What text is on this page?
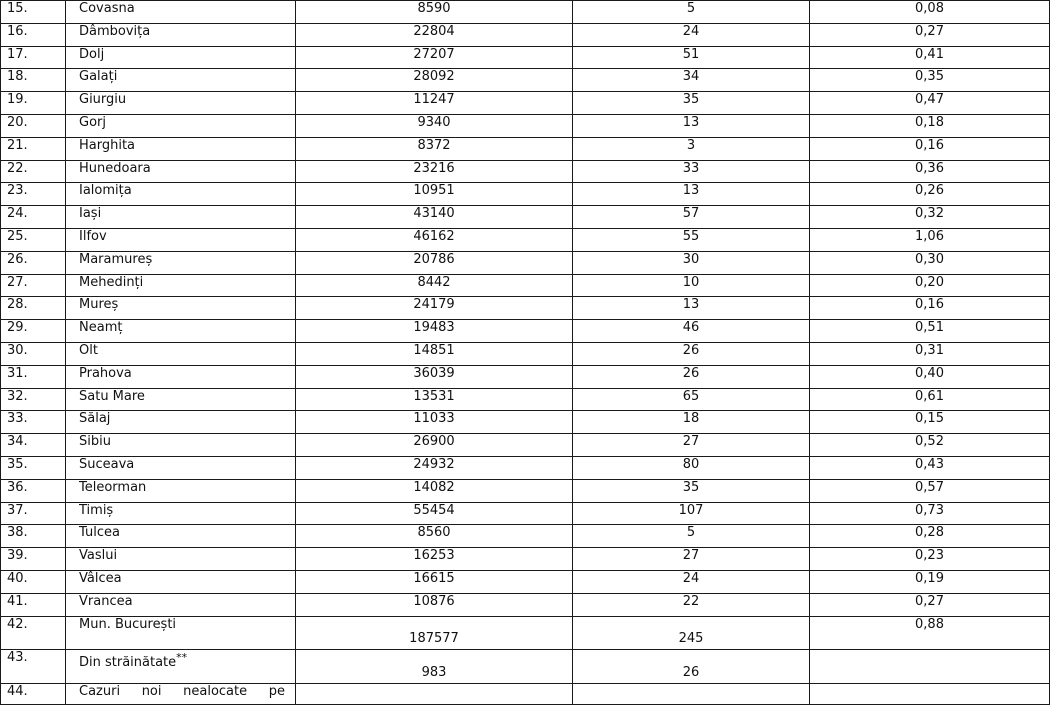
15.	Covasna	8590	5	0,08
16.	Dâmbovița	22804	24	0,27
17.	Dolj	27207	51	0,41
18.	Galați	28092	34	0,35
19.	Giurgiu	11247	35	0,47
20.	Gorj	9340	13	0,18
21.	Harghita	8372	3	0,16
22.	Hunedoara	23216	33	0,36
23.	Ialomița	10951	13	0,26
24.	Iași	43140	57	0,32
25.	Ilfov	46162	55	1,06
26.	Maramureș	20786	30	0,30
27.	Mehedinți	8442	10	0,20
28.	Mureș	24179	13	0,16
29.	Neamț	19483	46	0,51
30.	Olt	14851	26	0,31
31.	Prahova	36039	26	0,40
32.	Satu Mare	13531	65	0,61
33.	Sălaj	11033	18	0,15
34.	Sibiu	26900	27	0,52
35.	Suceava	24932	80	0,43
36.	Teleorman	14082	35	0,57
37.	Timiș	55454	107	0,73
38.	Tulcea	8560	5	0,28
39.	Vaslui	16253	27	0,23
40.	Vâlcea	16615	24	0,19
41.	Vrancea	10876	22	0,27
42.	Mun. București	187577	245	0,88
43.	Din străinătate**	983	26	
44.	Cazuri noi nealocate pe			
